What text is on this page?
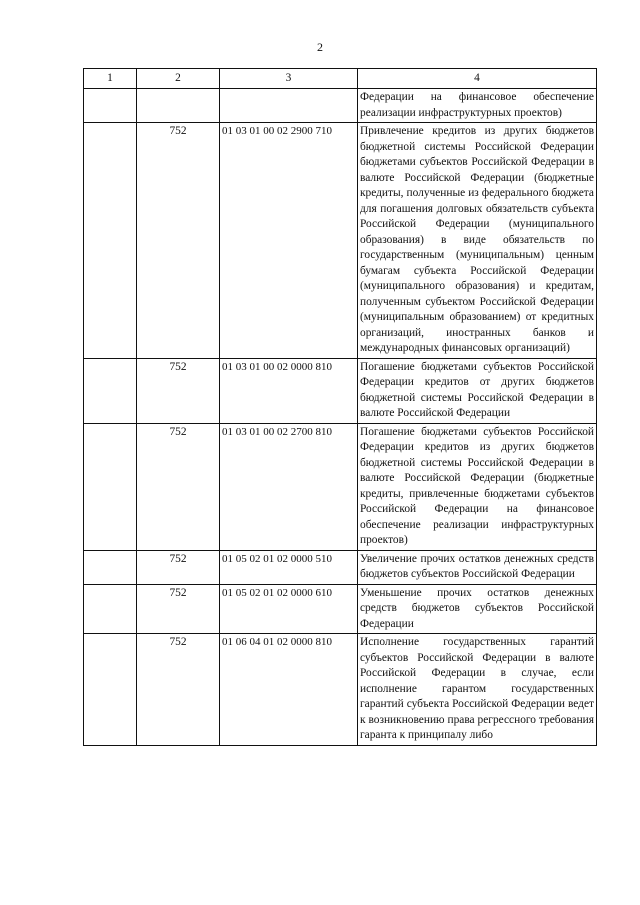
2
1	2	3	4

			Федерации на финансовое обеспечение реализации инфраструктурных проектов)

	752	01 03 01 00 02 2900 710	Привлечение кредитов из других бюджетов бюджетной системы Российской Федерации бюджетами субъектов Российской Федерации в валюте Российской Федерации (бюджетные кредиты, полученные из федерального бюджета для погашения долговых обязательств субъекта Российской Федерации (муниципального образования) в виде обязательств по государственным (муниципальным) ценным бумагам субъекта Российской Федерации (муниципального образования) и кредитам, полученным субъектом Российской Федерации (муниципальным образованием) от кредитных организаций, иностранных банков и международных финансовых организаций)

	752	01 03 01 00 02 0000 810	Погашение бюджетами субъектов Российской Федерации кредитов от других бюджетов бюджетной системы Российской Федерации в валюте Российской Федерации

	752	01 03 01 00 02 2700 810	Погашение бюджетами субъектов Российской Федерации кредитов из других бюджетов бюджетной системы Российской Федерации в валюте Российской Федерации (бюджетные кредиты, привлеченные бюджетами субъектов Российской Федерации на финансовое обеспечение реализации инфраструктурных проектов)

	752	01 05 02 01 02 0000 510	Увеличение прочих остатков денежных средств бюджетов субъектов Российской Федерации

	752	01 05 02 01 02 0000 610	Уменьшение прочих остатков денежных средств бюджетов субъектов Российской Федерации

	752	01 06 04 01 02 0000 810	Исполнение государственных гарантий субъектов Российской Федерации в валюте Российской Федерации в случае, если исполнение гарантом государственных гарантий субъекта Российской Федерации ведет к возникновению права регрессного требования гаранта к принципалу либо
